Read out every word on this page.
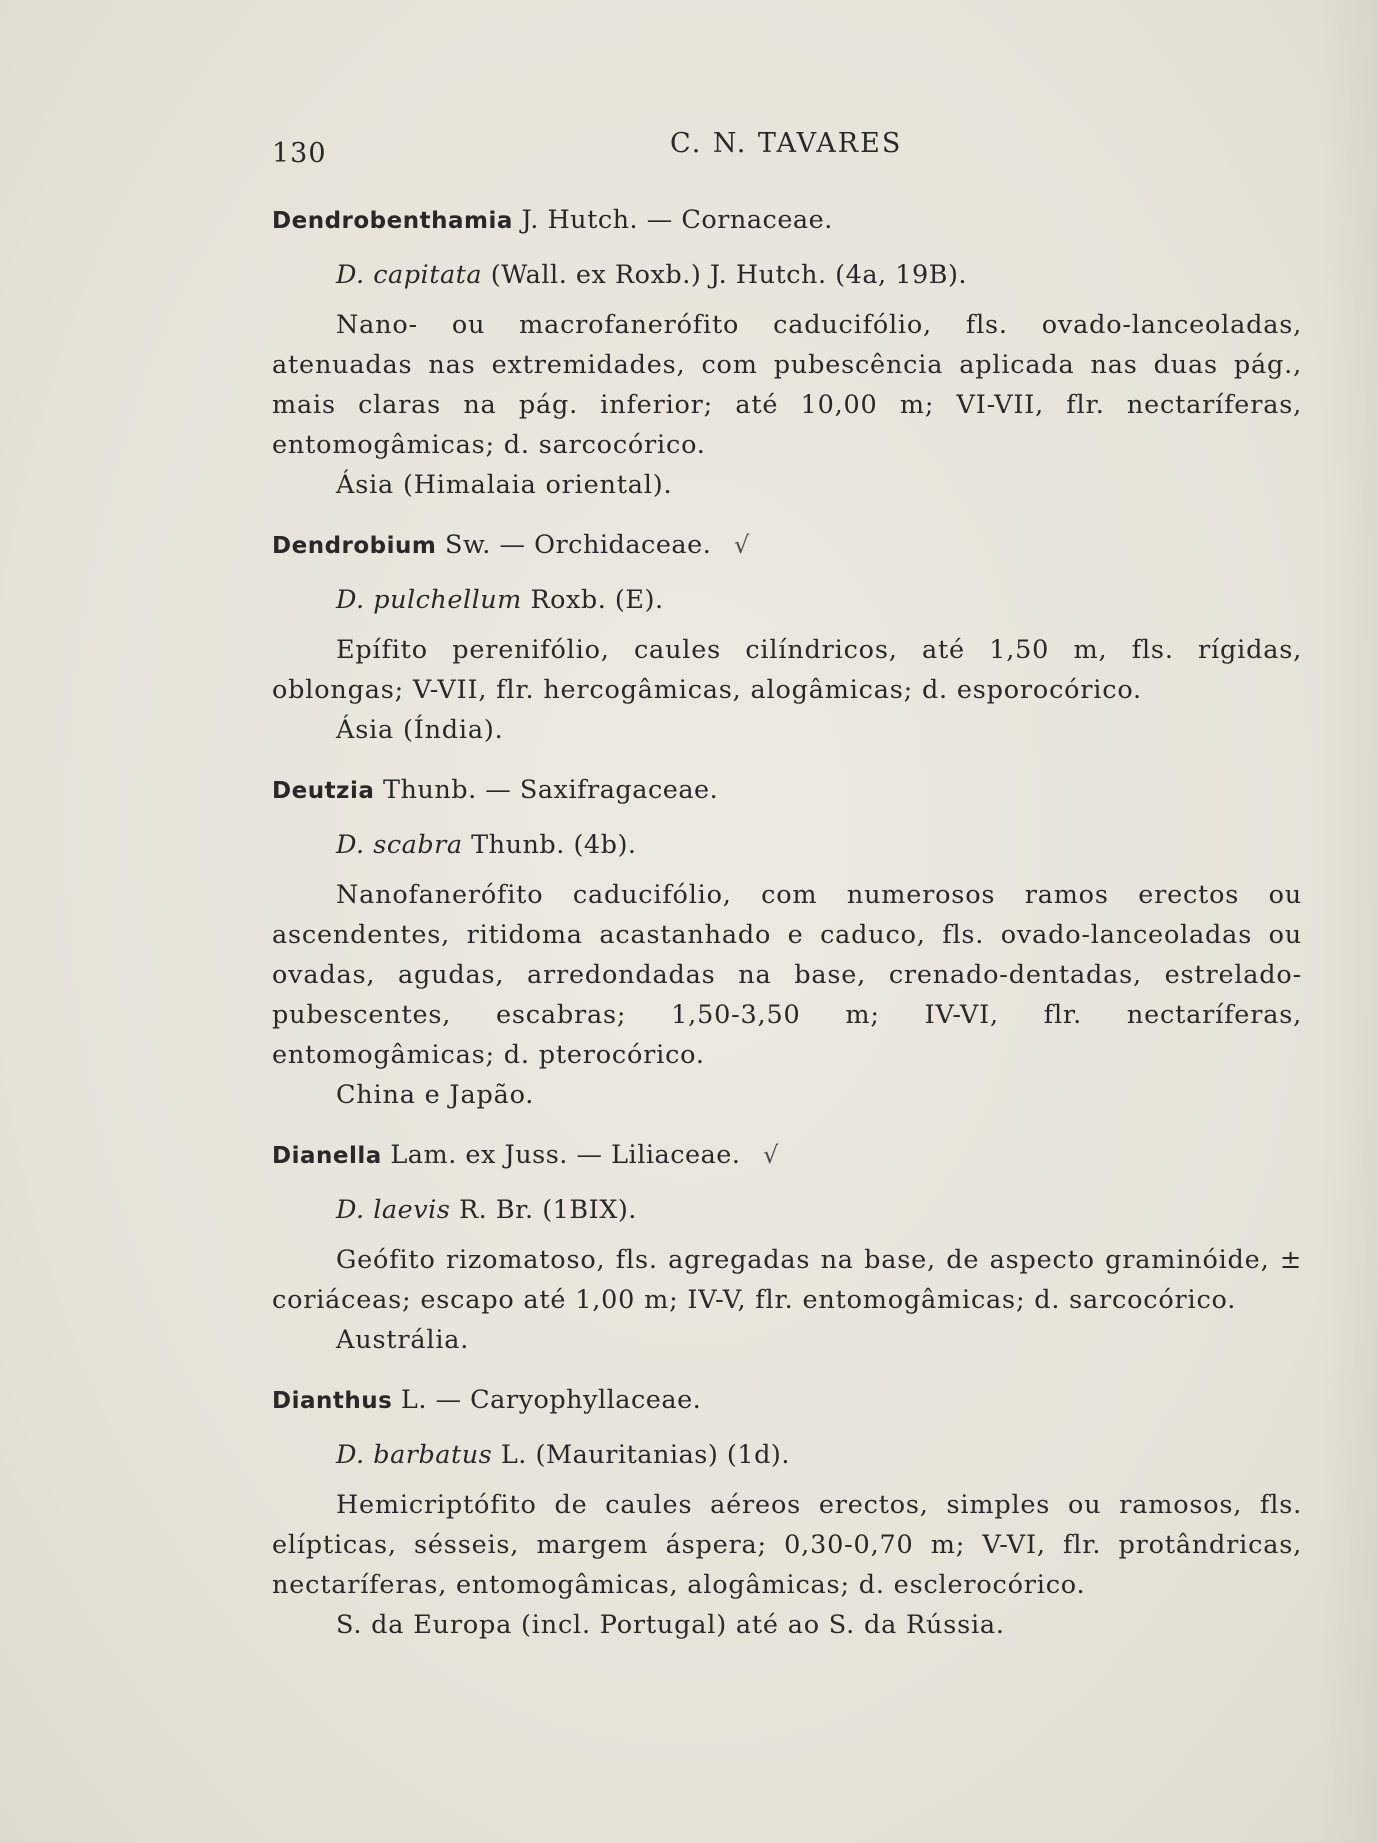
130	C. N. TAVARES
Dendrobenthamia J. Hutch. — Cornaceae.
D. capitata (Wall. ex Roxb.) J. Hutch. (4a, 19B).

Nano- ou macrofanerófito caducifólio, fls. ovado-lanceoladas, atenuadas nas extremidades, com pubescência aplicada nas duas pág., mais claras na pág. inferior; até 10,00 m; VI-VII, flr. nectaríferas, entomogâmicas; d. sarcocórico.

Ásia (Himalaia oriental).
Dendrobium Sw. — Orchidaceae. √
D. pulchellum Roxb. (E).

Epífito perenifólio, caules cilíndricos, até 1,50 m, fls. rígidas, oblongas; V-VII, flr. hercogâmicas, alogâmicas; d. esporocórico.

Ásia (Índia).
Deutzia Thunb. — Saxifragaceae.
D. scabra Thunb. (4b).

Nanofanerófito caducifólio, com numerosos ramos erectos ou ascendentes, ritidoma acastanhado e caduco, fls. ovado-lanceoladas ou ovadas, agudas, arredondadas na base, crenado-dentadas, estrelado-pubescentes, escabras; 1,50-3,50 m; IV-VI, flr. nectaríferas, entomogâmicas; d. pterocórico.

China e Japão.
Dianella Lam. ex Juss. — Liliaceae. √
D. laevis R. Br. (1BIX).

Geófito rizomatoso, fls. agregadas na base, de aspecto graminóide, ± coriáceas; escapo até 1,00 m; IV-V, flr. entomogâmicas; d. sarcocórico.

Austrália.
Dianthus L. — Caryophyllaceae.
D. barbatus L. (Mauritanias) (1d).

Hemicriptófito de caules aéreos erectos, simples ou ramosos, fls. elípticas, sésseis, margem áspera; 0,30-0,70 m; V-VI, flr. protândricas, nectaríferas, entomogâmicas, alogâmicas; d. esclerocórico.

S. da Europa (incl. Portugal) até ao S. da Rússia.
